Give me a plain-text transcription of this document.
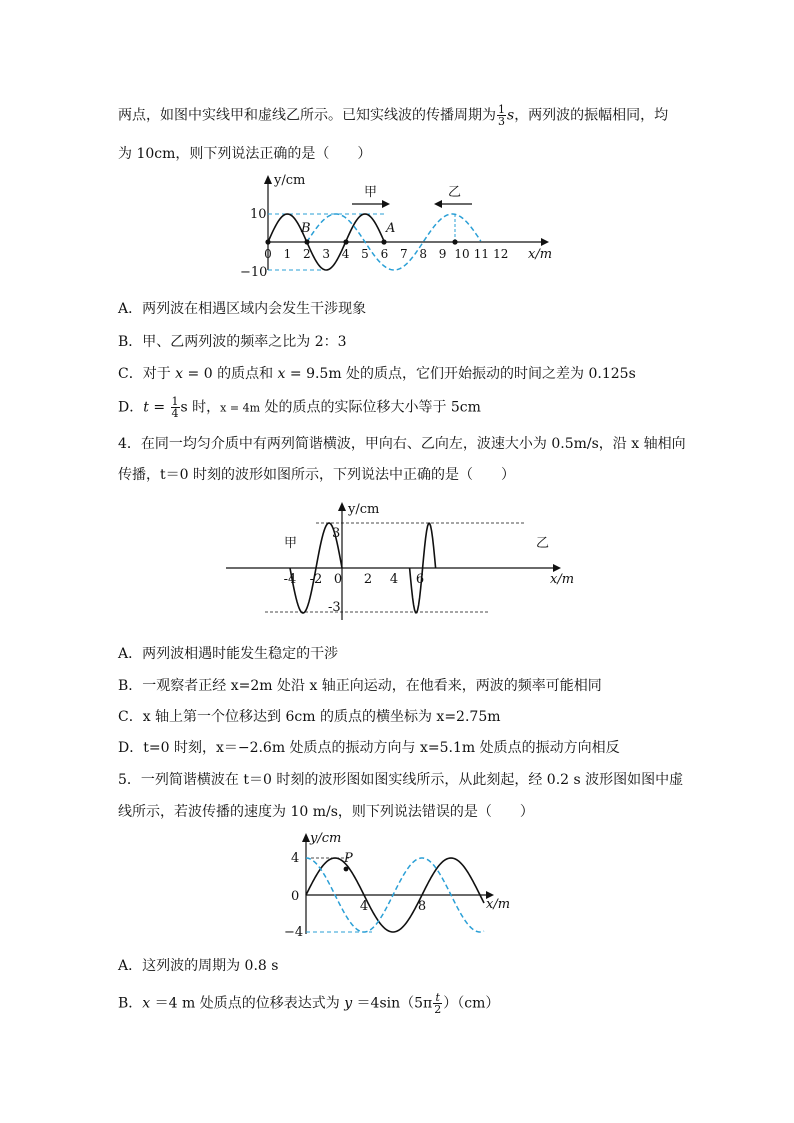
两点，如图中实线甲和虚线乙所示。已知实线波的传播周期为 $\frac{1}{3}$ s，两列波的振幅相同，均
为 10cm，则下列说法正确的是（　　）
y/cm
x/m
10
−10
B	A
甲	乙
0 1 2 3 4 5 6 7 8 9 10 11 12
A．两列波在相遇区域内会发生干涉现象
B．甲、乙两列波的频率之比为 2：3
C．对于 x = 0 的质点和 x = 9.5m 处的质点，它们开始振动的时间之差为 0.125s
D．$t = \frac{1}{4}$ s 时，x = 4m 处的质点的实际位移大小等于 5cm
4．在同一均匀介质中有两列简谐横波，甲向右、乙向左，波速大小为 0.5m/s，沿 x 轴相向
传播，t＝0 时刻的波形如图所示，下列说法中正确的是（　　）
y/cm
x/m
3
-3
甲	乙
-4 -2 0 2 4 6
A．两列波相遇时能发生稳定的干涉
B．一观察者正经 x=2m 处沿 x 轴正向运动，在他看来，两波的频率可能相同
C．x 轴上第一个位移达到 6cm 的质点的横坐标为 x=2.75m
D．t=0 时刻，x＝−2.6m 处质点的振动方向与 x=5.1m 处质点的振动方向相反
5．一列简谐横波在 t＝0 时刻的波形图如图实线所示，从此刻起，经 0.2 s 波形图如图中虚
线所示，若波传播的速度为 10 m/s，则下列说法错误的是（　　）
y/cm
x/m
4
0
−4
P
4	8
A．这列波的周期为 0.8 s
B．x ＝4 m 处质点的位移表达式为 $y =4\sin(5\pi \frac{t}{2} )(cm)$
